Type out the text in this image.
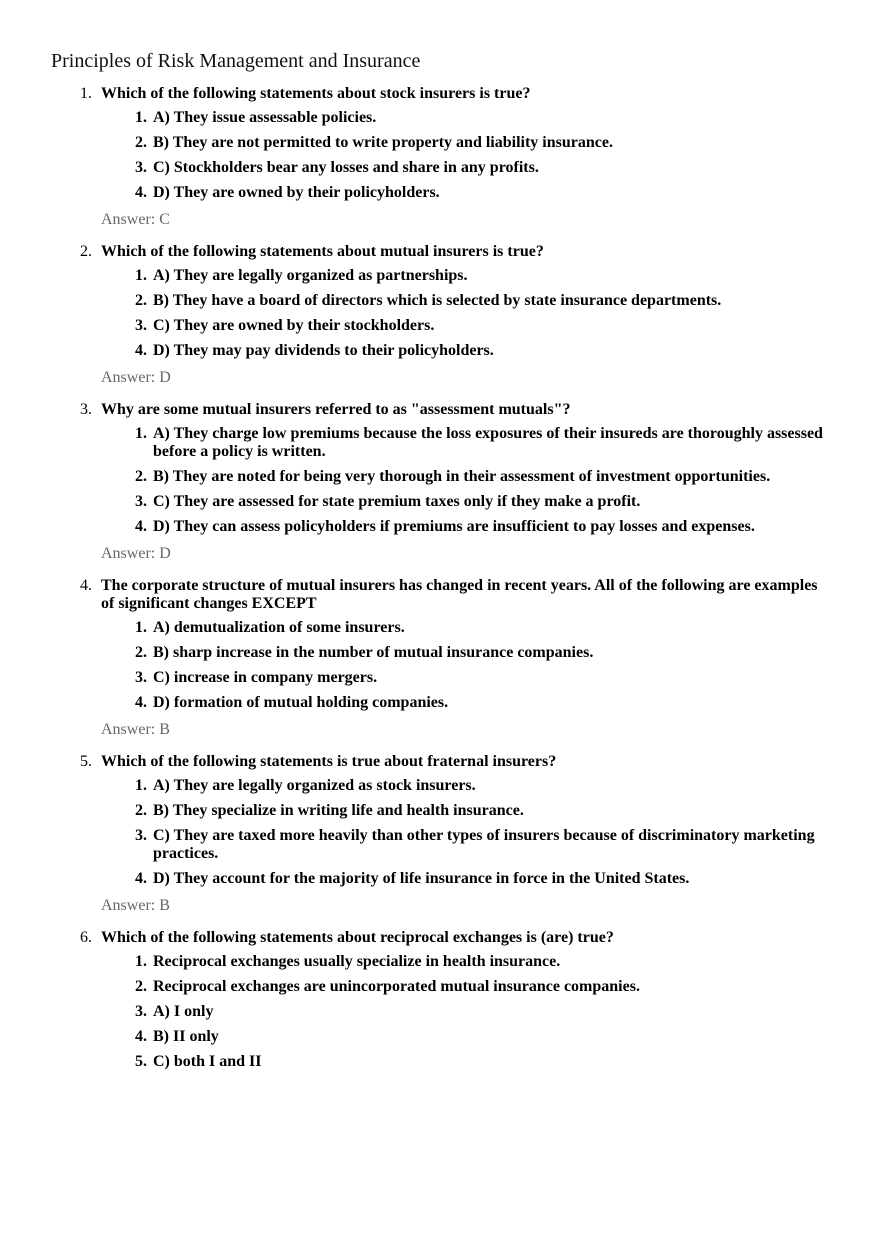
Principles of Risk Management and Insurance
1. Which of the following statements about stock insurers is true?
1. A) They issue assessable policies.
2. B) They are not permitted to write property and liability insurance.
3. C) Stockholders bear any losses and share in any profits.
4. D) They are owned by their policyholders.
Answer: C
2. Which of the following statements about mutual insurers is true?
1. A) They are legally organized as partnerships.
2. B) They have a board of directors which is selected by state insurance departments.
3. C) They are owned by their stockholders.
4. D) They may pay dividends to their policyholders.
Answer: D
3. Why are some mutual insurers referred to as "assessment mutuals"?
1. A) They charge low premiums because the loss exposures of their insureds are thoroughly assessed before a policy is written.
2. B) They are noted for being very thorough in their assessment of investment opportunities.
3. C) They are assessed for state premium taxes only if they make a profit.
4. D) They can assess policyholders if premiums are insufficient to pay losses and expenses.
Answer: D
4. The corporate structure of mutual insurers has changed in recent years. All of the following are examples of significant changes EXCEPT
1. A) demutualization of some insurers.
2. B) sharp increase in the number of mutual insurance companies.
3. C) increase in company mergers.
4. D) formation of mutual holding companies.
Answer: B
5. Which of the following statements is true about fraternal insurers?
1. A) They are legally organized as stock insurers.
2. B) They specialize in writing life and health insurance.
3. C) They are taxed more heavily than other types of insurers because of discriminatory marketing practices.
4. D) They account for the majority of life insurance in force in the United States.
Answer: B
6. Which of the following statements about reciprocal exchanges is (are) true?
1. Reciprocal exchanges usually specialize in health insurance.
2. Reciprocal exchanges are unincorporated mutual insurance companies.
3. A) I only
4. B) II only
5. C) both I and II
